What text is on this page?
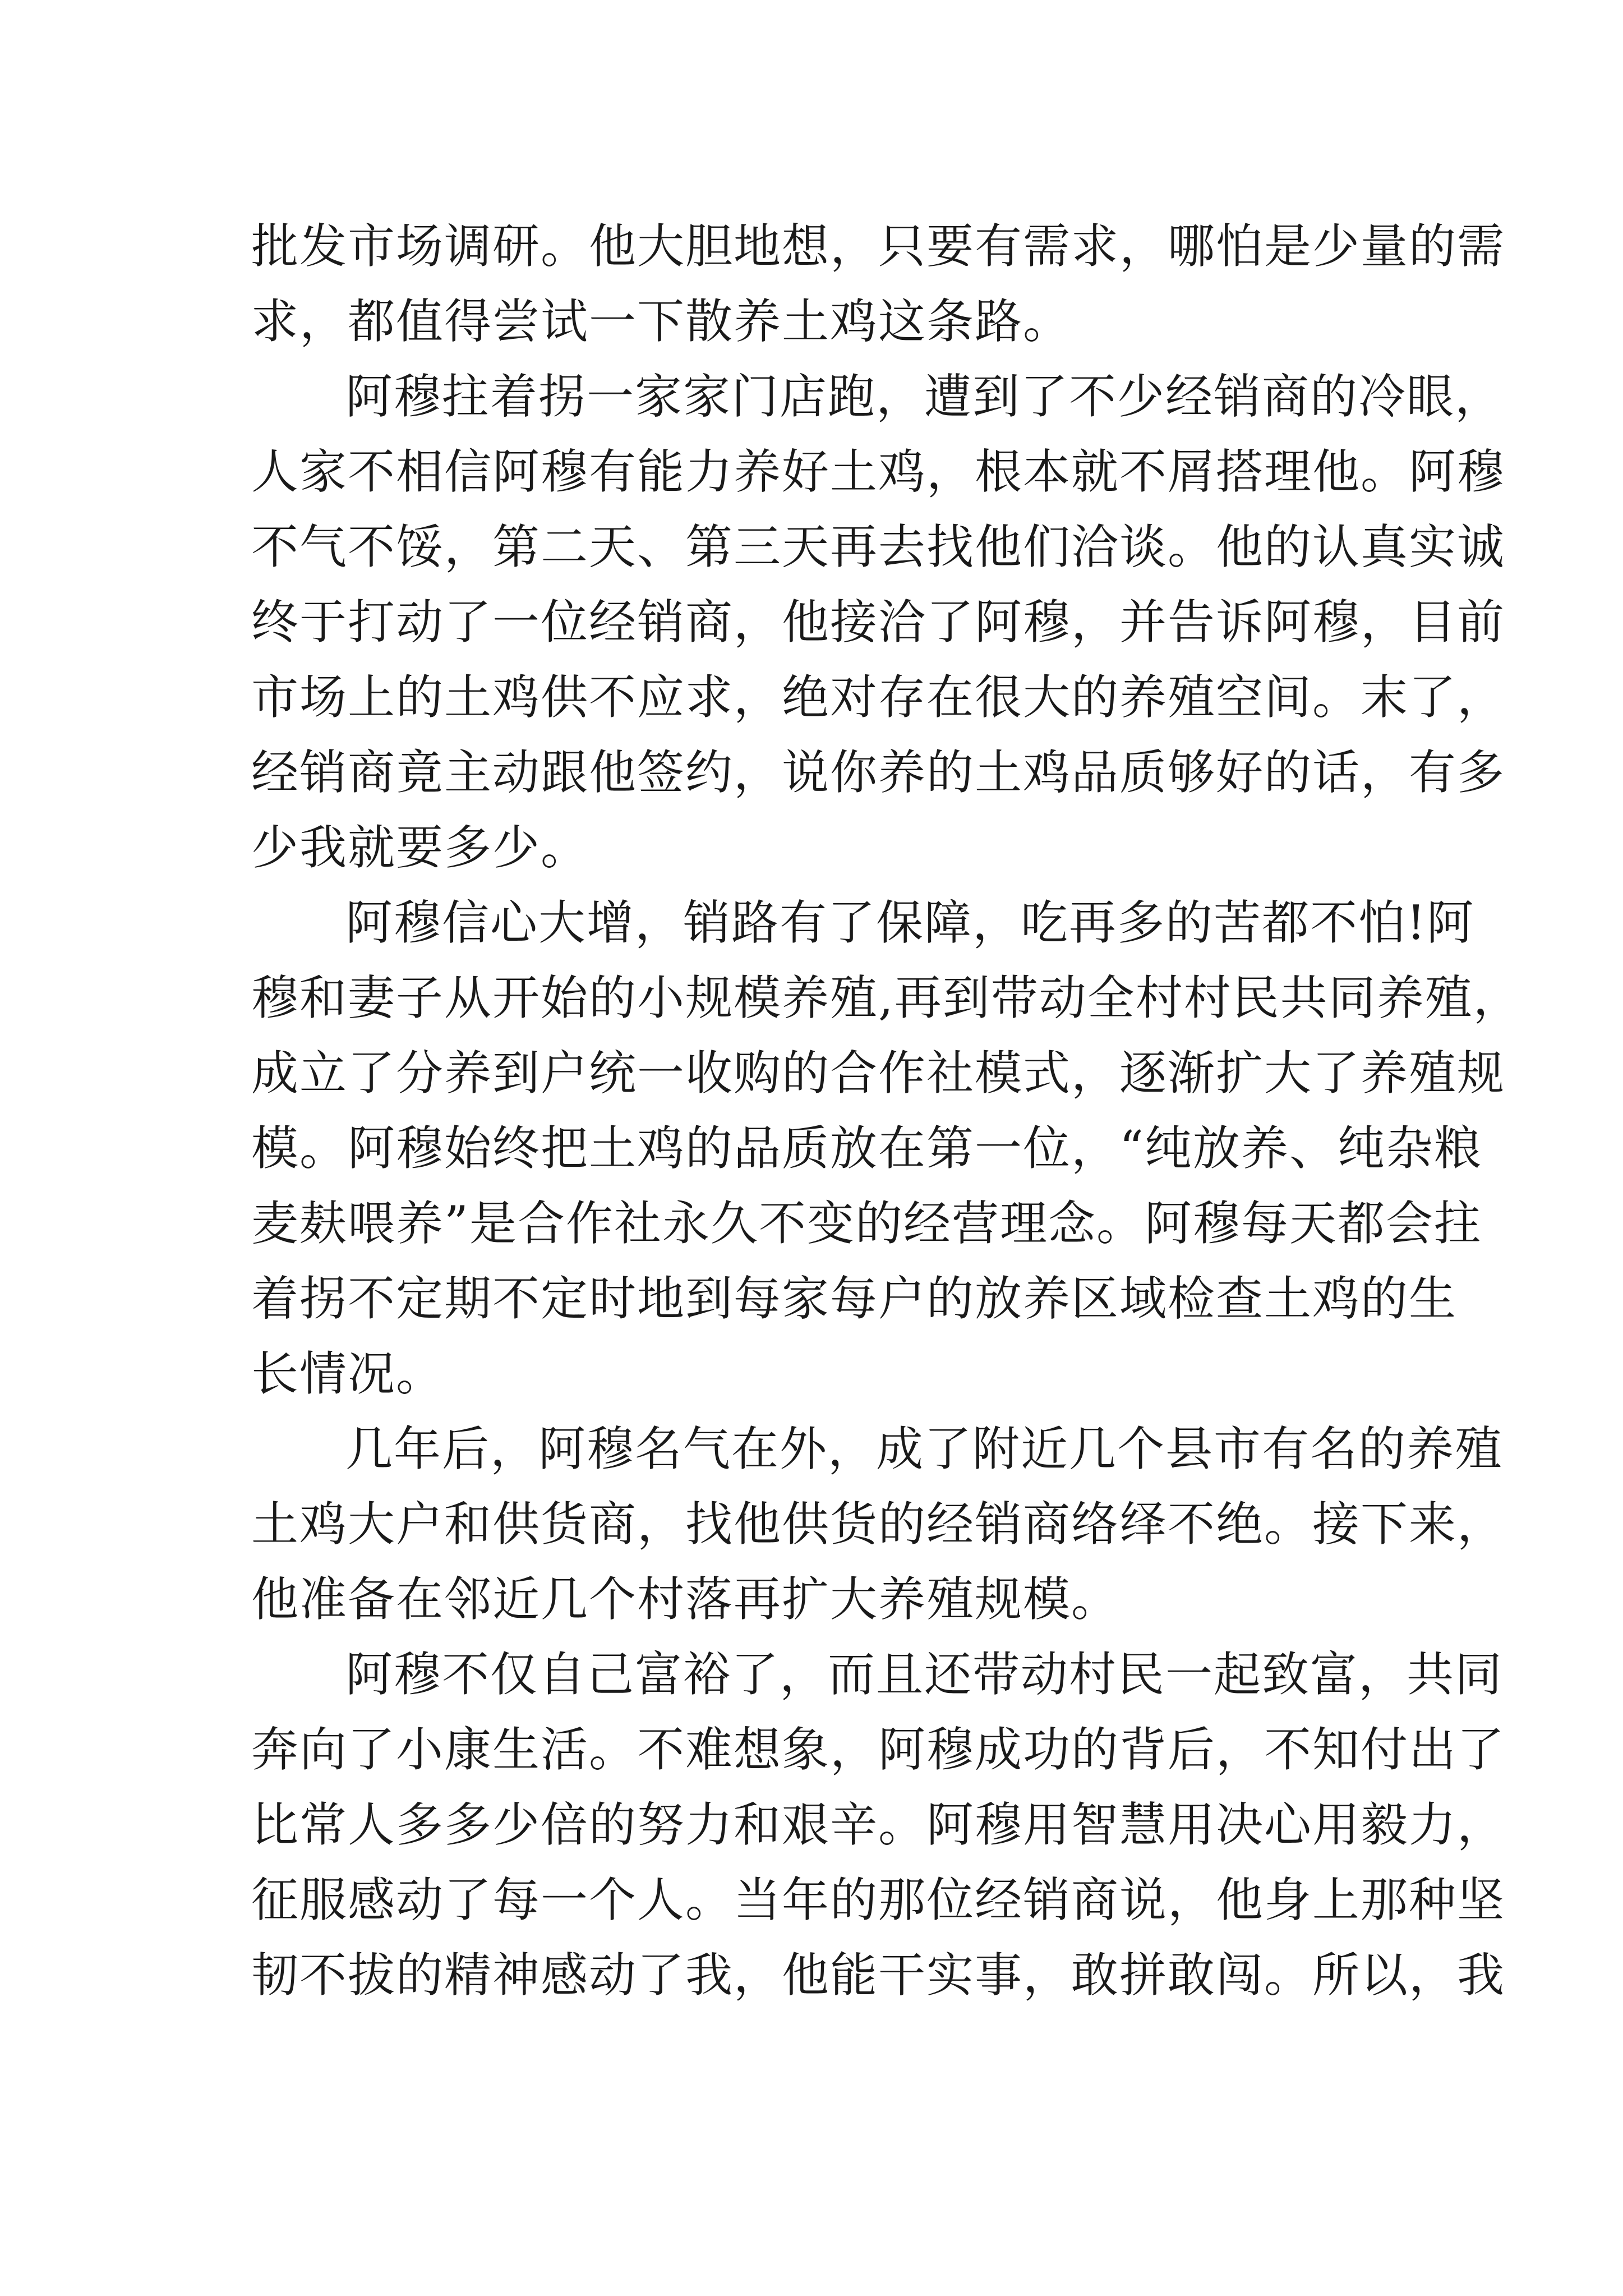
批发市场调研。他大胆地想，只要有需求，哪怕是少量的需
求，都值得尝试一下散养土鸡这条路。
阿穆拄着拐一家家门店跑，遭到了不少经销商的冷眼，
人家不相信阿穆有能力养好土鸡，根本就不屑搭理他。阿穆
不气不馁，第二天、第三天再去找他们洽谈。他的认真实诚
终于打动了一位经销商，他接洽了阿穆，并告诉阿穆，目前
市场上的土鸡供不应求，绝对存在很大的养殖空间。末了，
经销商竟主动跟他签约，说你养的土鸡品质够好的话，有多
少我就要多少。
阿穆信心大增，销路有了保障，吃再多的苦都不怕!阿
穆和妻子从开始的小规模养殖,再到带动全村村民共同养殖，
成立了分养到户统一收购的合作社模式，逐渐扩大了养殖规
模。阿穆始终把土鸡的品质放在第一位，“纯放养、纯杂粮
麦麸喂养”是合作社永久不变的经营理念。阿穆每天都会拄
着拐不定期不定时地到每家每户的放养区域检查土鸡的生
长情况。
几年后，阿穆名气在外，成了附近几个县市有名的养殖
土鸡大户和供货商，找他供货的经销商络绎不绝。接下来，
他准备在邻近几个村落再扩大养殖规模。
阿穆不仅自己富裕了，而且还带动村民一起致富，共同
奔向了小康生活。不难想象，阿穆成功的背后，不知付出了
比常人多多少倍的努力和艰辛。阿穆用智慧用决心用毅力，
征服感动了每一个人。当年的那位经销商说，他身上那种坚
韧不拔的精神感动了我，他能干实事，敢拼敢闯。所以，我
